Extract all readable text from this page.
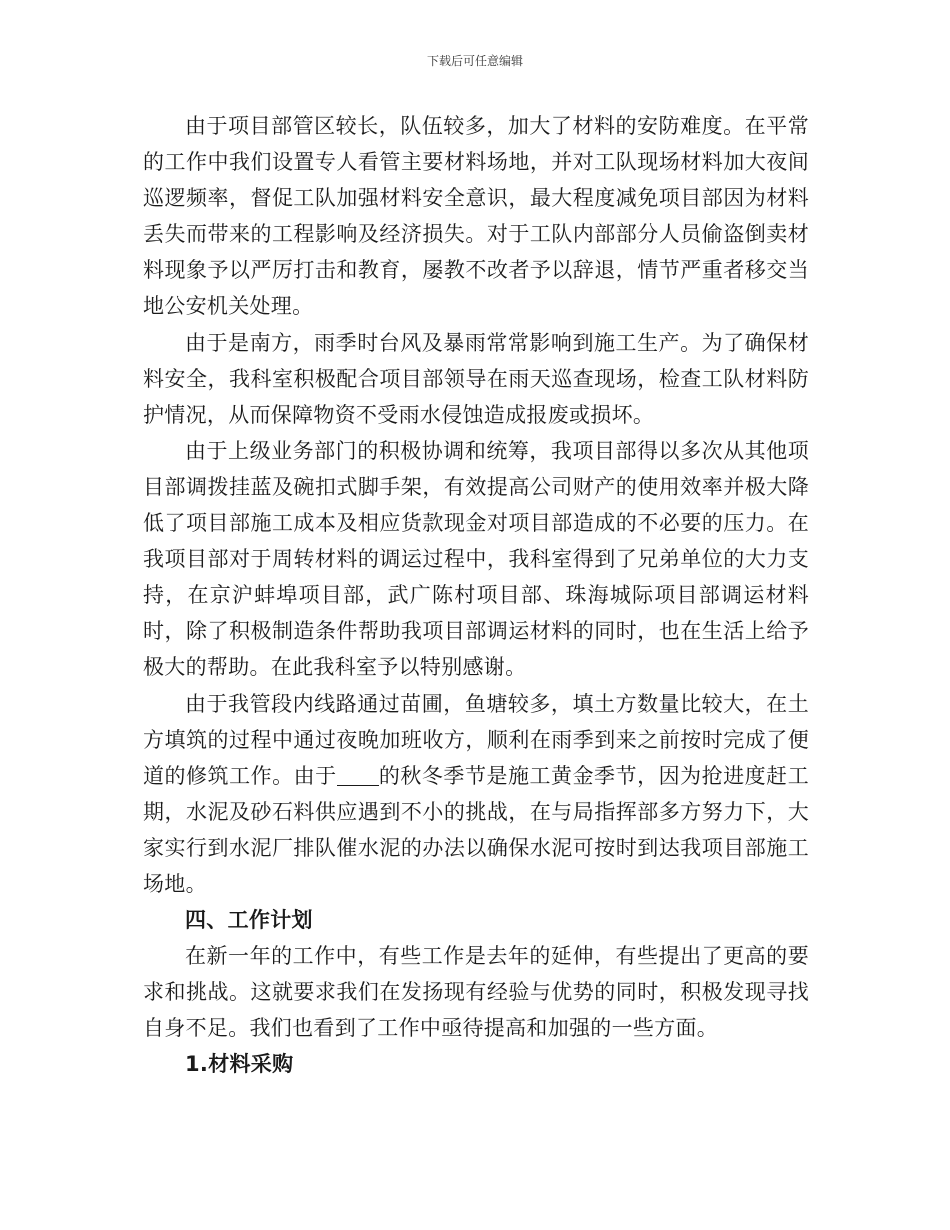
下载后可任意编辑

由于项目部管区较长，队伍较多，加大了材料的安防难度。在平常的工作中我们设置专人看管主要材料场地，并对工队现场材料加大夜间巡逻频率，督促工队加强材料安全意识，最大程度减免项目部因为材料丢失而带来的工程影响及经济损失。对于工队内部部分人员偷盗倒卖材料现象予以严厉打击和教育，屡教不改者予以辞退，情节严重者移交当地公安机关处理。

由于是南方，雨季时台风及暴雨常常影响到施工生产。为了确保材料安全，我科室积极配合项目部领导在雨天巡查现场，检查工队材料防护情况，从而保障物资不受雨水侵蚀造成报废或损坏。

由于上级业务部门的积极协调和统筹，我项目部得以多次从其他项目部调拨挂蓝及碗扣式脚手架，有效提高公司财产的使用效率并极大降低了项目部施工成本及相应货款现金对项目部造成的不必要的压力。在我项目部对于周转材料的调运过程中，我科室得到了兄弟单位的大力支持，在京沪蚌埠项目部，武广陈村项目部、珠海城际项目部调运材料时，除了积极制造条件帮助我项目部调运材料的同时，也在生活上给予极大的帮助。在此我科室予以特别感谢。

由于我管段内线路通过苗圃，鱼塘较多，填土方数量比较大，在土方填筑的过程中通过夜晚加班收方，顺利在雨季到来之前按时完成了便道的修筑工作。由于 的秋冬季节是施工黄金季节，因为抢进度赶工期，水泥及砂石料供应遇到不小的挑战，在与局指挥部多方努力下，大家实行到水泥厂排队催水泥的办法以确保水泥可按时到达我项目部施工场地。

四、工作计划

在新一年的工作中，有些工作是去年的延伸，有些提出了更高的要求和挑战。这就要求我们在发扬现有经验与优势的同时，积极发现寻找自身不足。我们也看到了工作中亟待提高和加强的一些方面。

1.材料采购
